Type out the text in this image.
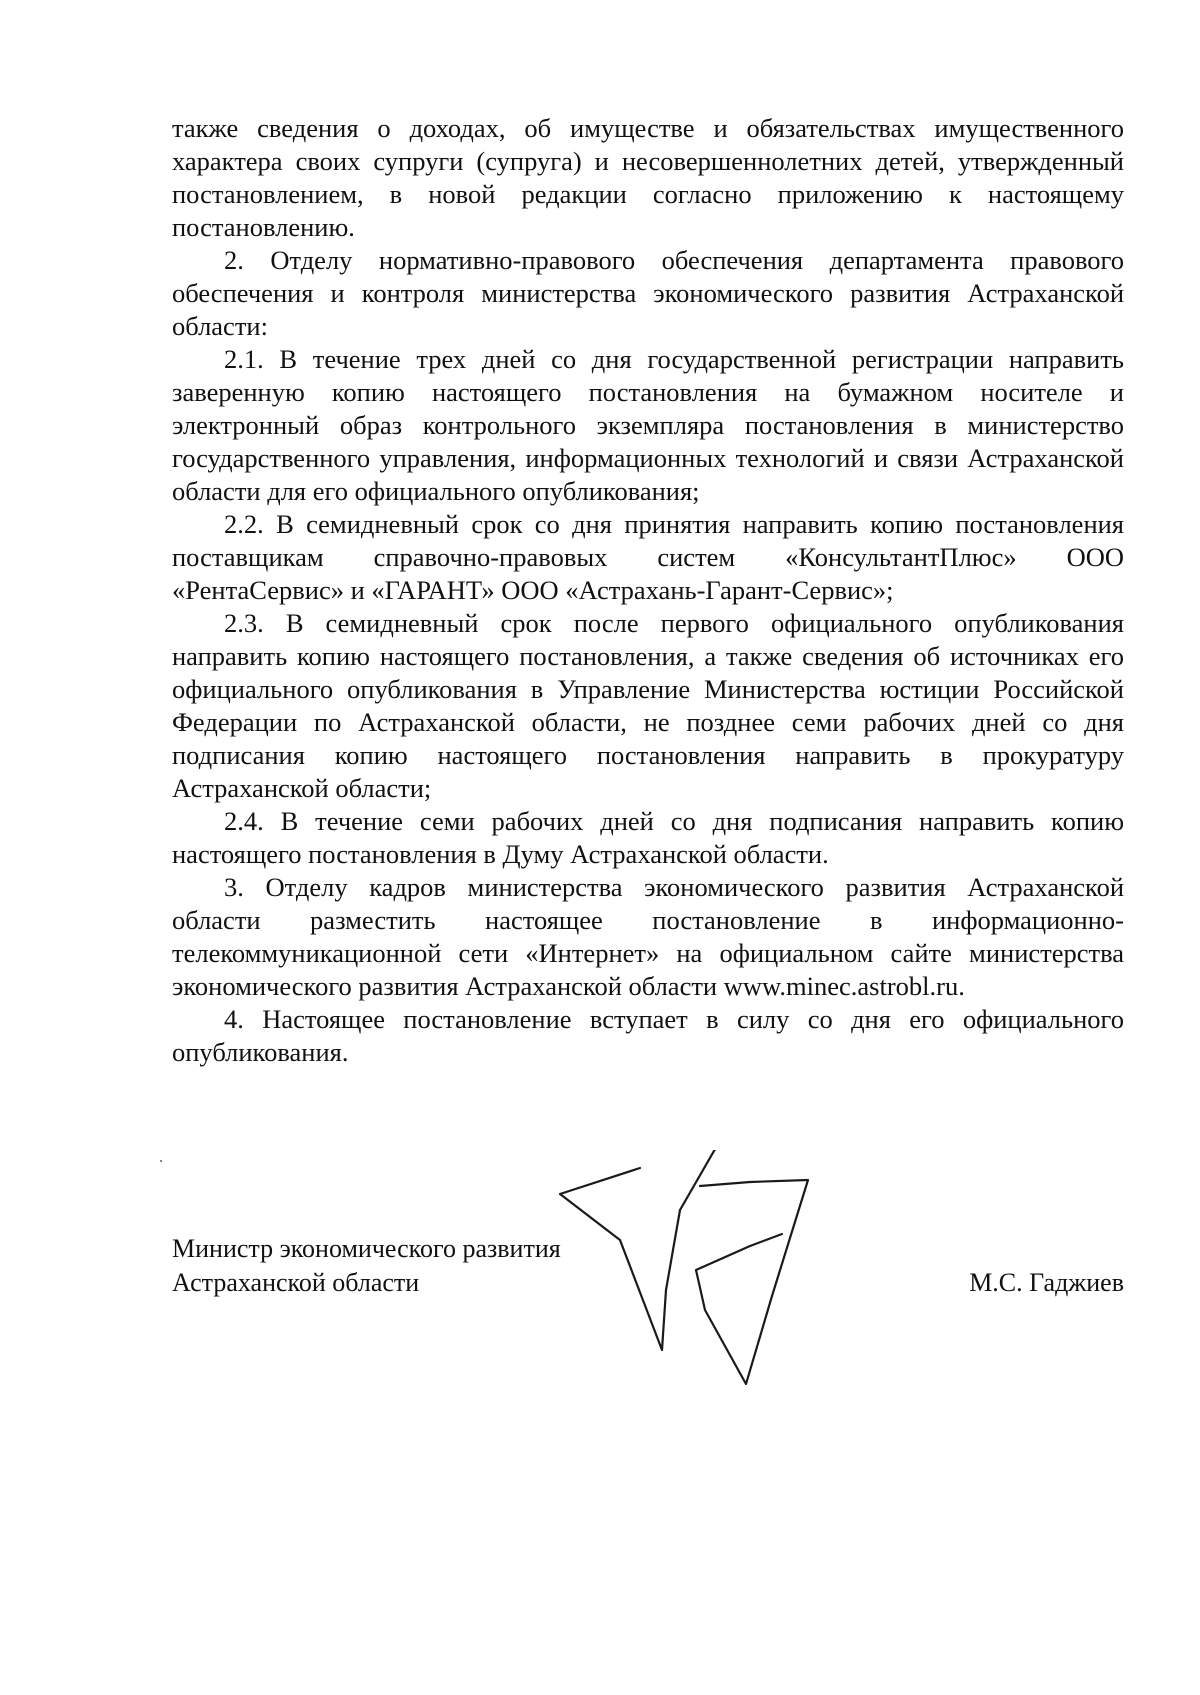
также сведения о доходах, об имуществе и обязательствах имущественного характера своих супруги (супруга) и несовершеннолетних детей, утвержденный постановлением, в новой редакции согласно приложению к настоящему постановлению.

2. Отделу нормативно-правового обеспечения департамента правового обеспечения и контроля министерства экономического развития Астраханской области:

2.1. В течение трех дней со дня государственной регистрации направить заверенную копию настоящего постановления на бумажном носителе и электронный образ контрольного экземпляра постановления в министерство государственного управления, информационных технологий и связи Астраханской области для его официального опубликования;

2.2. В семидневный срок со дня принятия направить копию постановления поставщикам справочно-правовых систем «КонсультантПлюс» ООО «РентаСервис» и «ГАРАНТ» ООО «Астрахань-Гарант-Сервис»;

2.3. В семидневный срок после первого официального опубликования направить копию настоящего постановления, а также сведения об источниках его официального опубликования в Управление Министерства юстиции Российской Федерации по Астраханской области, не позднее семи рабочих дней со дня подписания копию настоящего постановления направить в прокуратуру Астраханской области;

2.4. В течение семи рабочих дней со дня подписания направить копию настоящего постановления в Думу Астраханской области.

3. Отделу кадров министерства экономического развития Астраханской области разместить настоящее постановление в информационно-телекоммуникационной сети «Интернет» на официальном сайте министерства экономического развития Астраханской области www.minec.astrobl.ru.

4. Настоящее постановление вступает в силу со дня его официального опубликования.

Министр экономического развития
Астраханской области	М.С. Гаджиев
